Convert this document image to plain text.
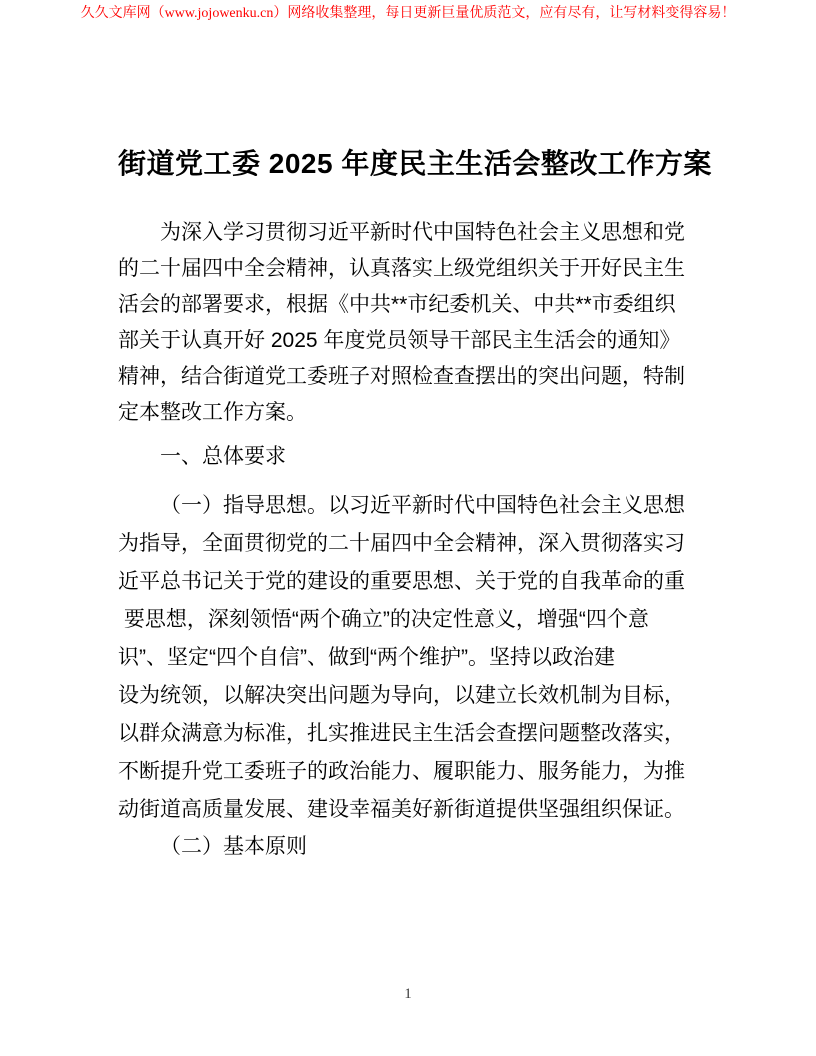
久久文库网（www.jojowenku.cn）网络收集整理，每日更新巨量优质范文，应有尽有，让写材料变得容易！
街道党工委 2025 年度民主生活会整改工作方案
为深入学习贯彻习近平新时代中国特色社会主义思想和党
的二十届四中全会精神，认真落实上级党组织关于开好民主生
活会的部署要求，根据《中共**市纪委机关、中共**市委组织
部关于认真开好 2025 年度党员领导干部民主生活会的通知》
精神，结合街道党工委班子对照检查查摆出的突出问题，特制
定本整改工作方案。
一、总体要求
（一）指导思想。以习近平新时代中国特色社会主义思想
为指导，全面贯彻党的二十届四中全会精神，深入贯彻落实习
近平总书记关于党的建设的重要思想、关于党的自我革命的重
要思想，深刻领悟“两个确立”的决定性意义，增强“四个意
识”、坚定“四个自信”、做到“两个维护”。坚持以政治建
设为统领，以解决突出问题为导向，以建立长效机制为目标，
以群众满意为标准，扎实推进民主生活会查摆问题整改落实，
不断提升党工委班子的政治能力、履职能力、服务能力，为推
动街道高质量发展、建设幸福美好新街道提供坚强组织保证。
（二）基本原则
1
